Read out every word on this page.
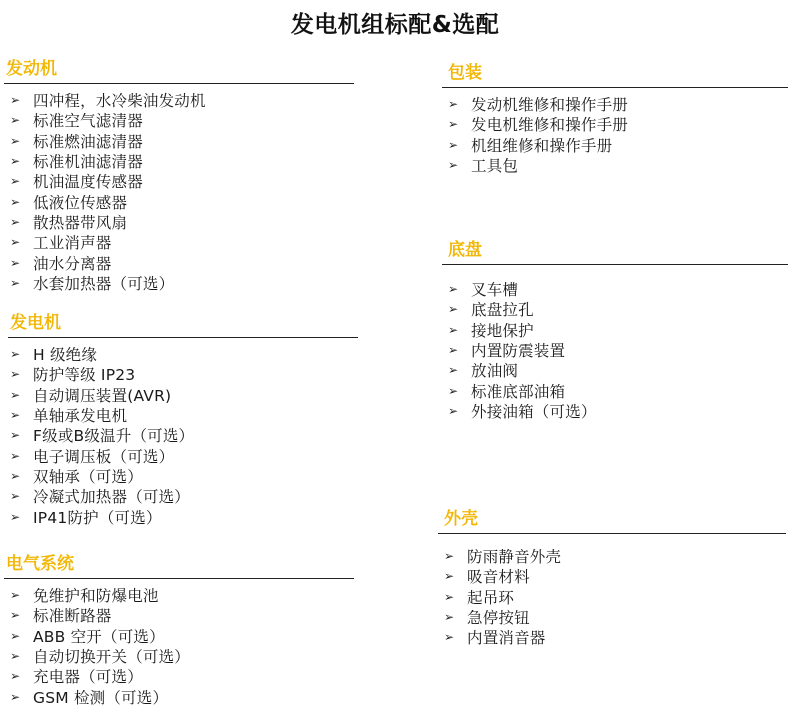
发电机组标配&选配
发动机
➢ 四冲程，水冷柴油发动机
➢ 标准空气滤清器
➢ 标准燃油滤清器
➢ 标准机油滤清器
➢ 机油温度传感器
➢ 低液位传感器
➢ 散热器带风扇
➢ 工业消声器
➢ 油水分离器
➢ 水套加热器（可选）
发电机
➢ H 级绝缘
➢ 防护等级 IP23
➢ 自动调压装置(AVR)
➢ 单轴承发电机
➢ F级或B级温升（可选）
➢ 电子调压板（可选）
➢ 双轴承（可选）
➢ 冷凝式加热器（可选）
➢ IP41防护（可选）
电气系统
➢ 免维护和防爆电池
➢ 标准断路器
➢ ABB 空开（可选）
➢ 自动切换开关（可选）
➢ 充电器（可选）
➢ GSM 检测（可选）
包装
➢ 发动机维修和操作手册
➢ 发电机维修和操作手册
➢ 机组维修和操作手册
➢ 工具包
底盘
➢ 叉车槽
➢ 底盘拉孔
➢ 接地保护
➢ 内置防震装置
➢ 放油阀
➢ 标准底部油箱
➢ 外接油箱（可选）
外壳
➢ 防雨静音外壳
➢ 吸音材料
➢ 起吊环
➢ 急停按钮
➢ 内置消音器
